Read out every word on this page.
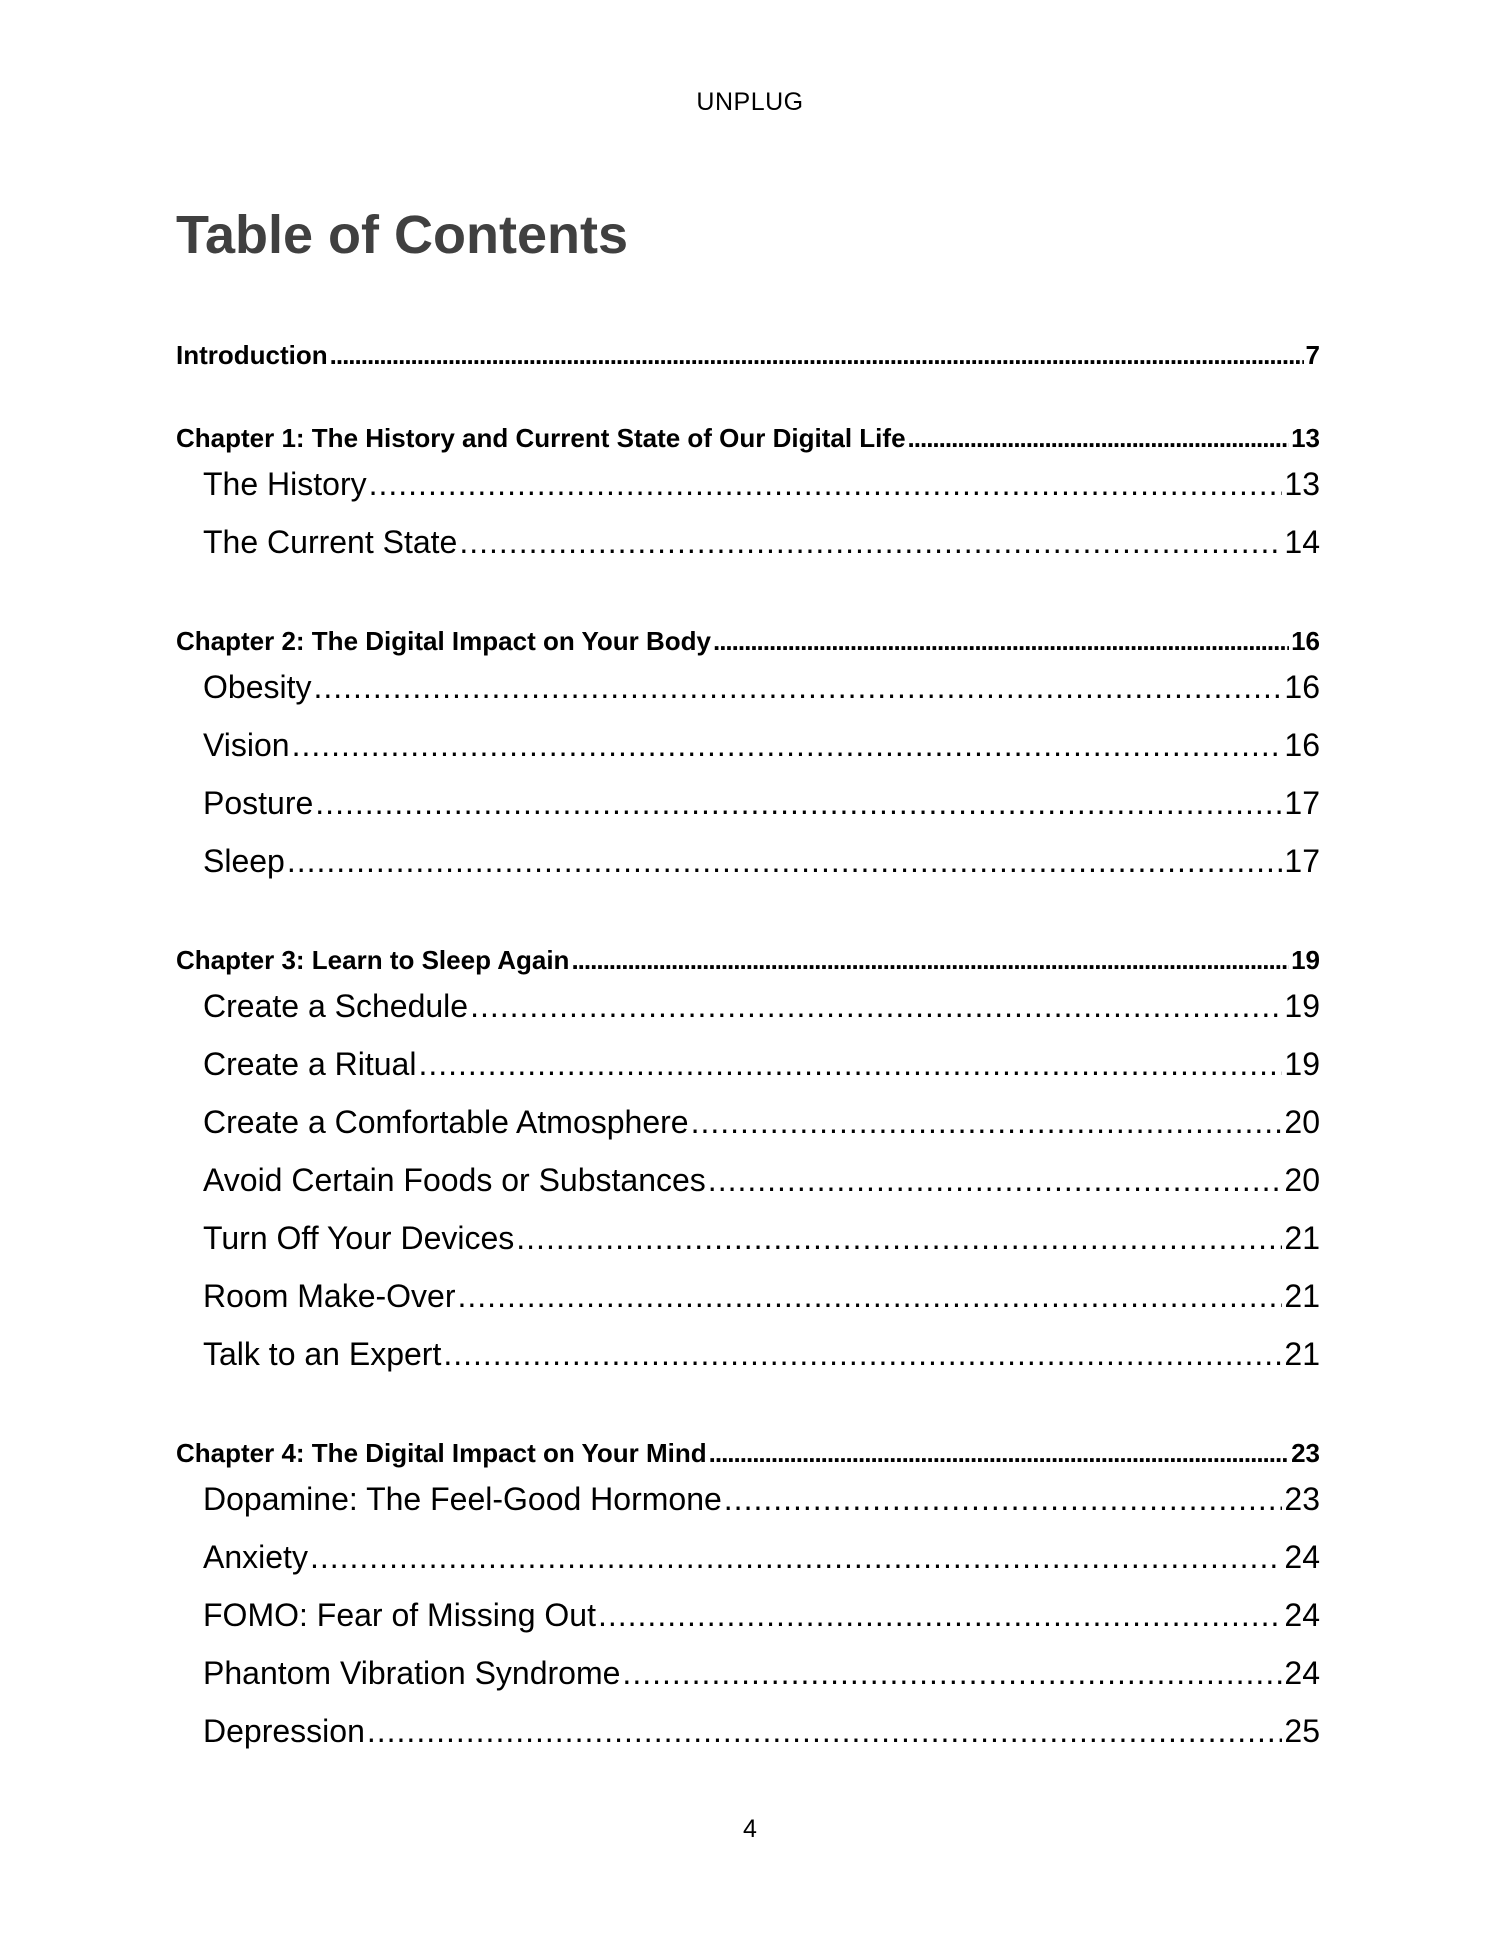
UNPLUG
Table of Contents
Introduction .....	7
Chapter 1: The History and Current State of Our Digital Life .....	13
The History .....	13
The Current State .....	14
Chapter 2: The Digital Impact on Your Body .....	16
Obesity .....	16
Vision .....	16
Posture .....	17
Sleep .....	17
Chapter 3: Learn to Sleep Again .....	19
Create a Schedule .....	19
Create a Ritual .....	19
Create a Comfortable Atmosphere .....	20
Avoid Certain Foods or Substances .....	20
Turn Off Your Devices .....	21
Room Make-Over .....	21
Talk to an Expert .....	21
Chapter 4: The Digital Impact on Your Mind .....	23
Dopamine: The Feel-Good Hormone .....	23
Anxiety .....	24
FOMO: Fear of Missing Out .....	24
Phantom Vibration Syndrome .....	24
Depression .....	25
4
